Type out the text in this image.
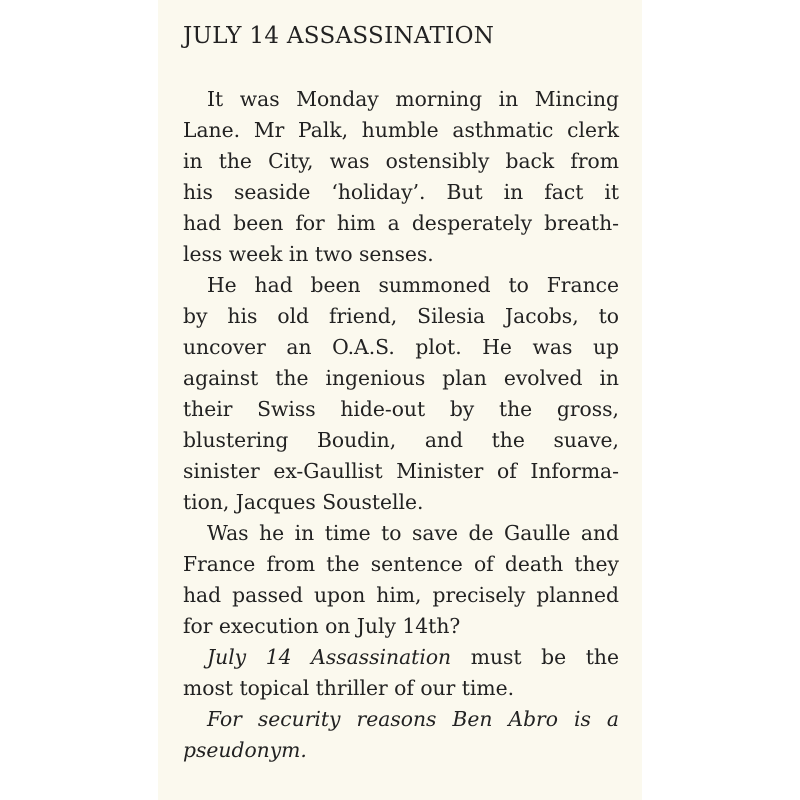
JULY 14 ASSASSINATION

It was Monday morning in Mincing
Lane. Mr Palk, humble asthmatic clerk
in the City, was ostensibly back from
his seaside ‘holiday’. But in fact it
had been for him a desperately breath-
less week in two senses.

He had been summoned to France
by his old friend, Silesia Jacobs, to
uncover an O.A.S. plot. He was up
against the ingenious plan evolved in
their Swiss hide-out by the gross,
blustering Boudin, and the suave,
sinister ex-Gaullist Minister of Informa-
tion, Jacques Soustelle.

Was he in time to save de Gaulle and
France from the sentence of death they
had passed upon him, precisely planned
for execution on July 14th?

July 14 Assassination must be the
most topical thriller of our time.

For security reasons Ben Abro is a
pseudonym.
